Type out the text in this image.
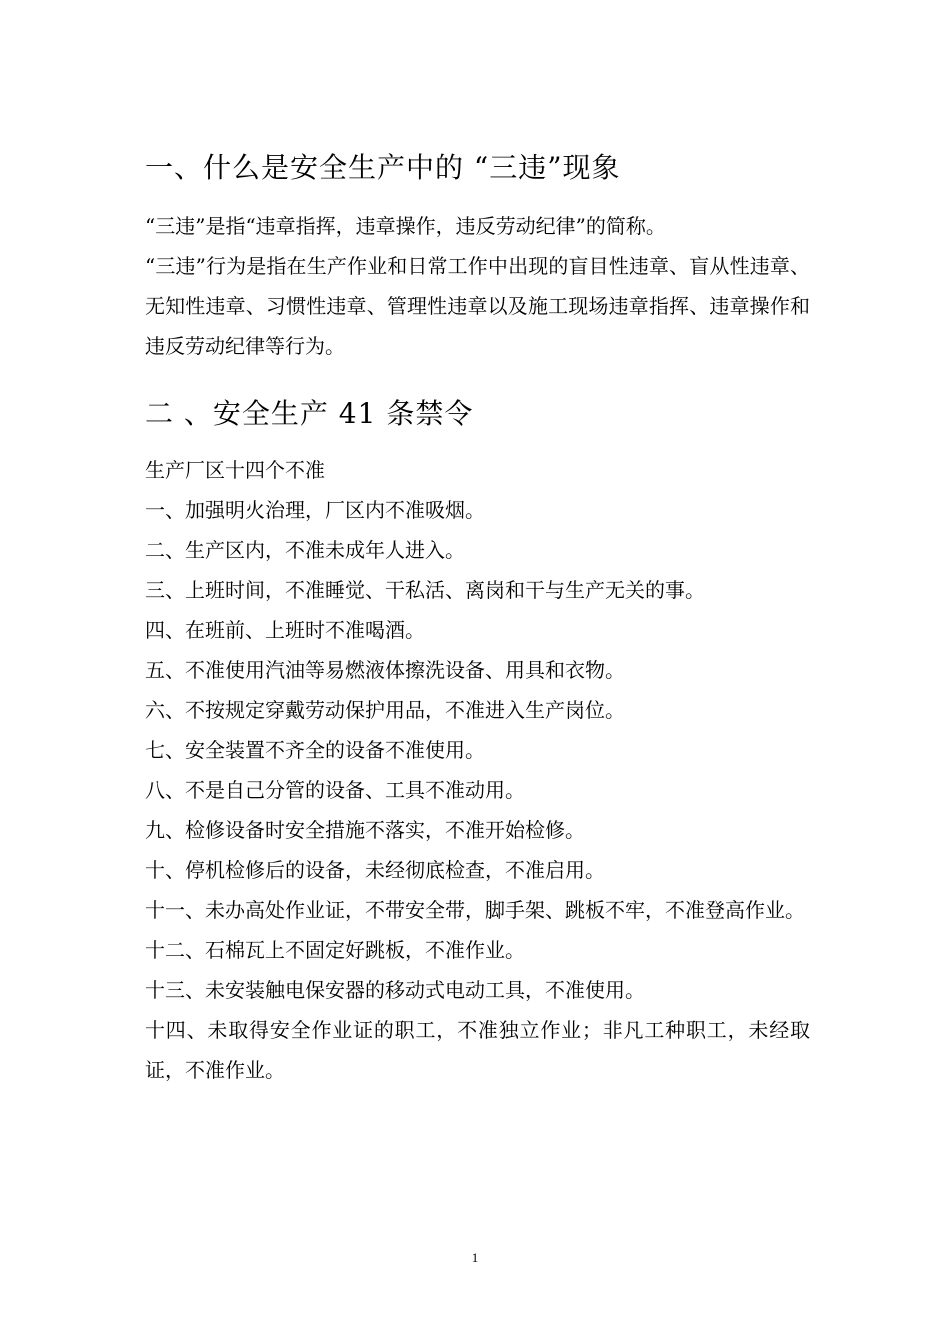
一、什么是安全生产中的 “三违”现象

“三违”是指“违章指挥，违章操作，违反劳动纪律”的简称。

“三违”行为是指在生产作业和日常工作中出现的盲目性违章、盲从性违章、无知性违章、习惯性违章、管理性违章以及施工现场违章指挥、违章操作和违反劳动纪律等行为。

二 、安全生产 41 条禁令

生产厂区十四个不准

一、加强明火治理，厂区内不准吸烟。
二、生产区内，不准未成年人进入。
三、上班时间，不准睡觉、干私活、离岗和干与生产无关的事。
四、在班前、上班时不准喝酒。
五、不准使用汽油等易燃液体擦洗设备、用具和衣物。
六、不按规定穿戴劳动保护用品，不准进入生产岗位。
七、安全装置不齐全的设备不准使用。
八、不是自己分管的设备、工具不准动用。
九、检修设备时安全措施不落实，不准开始检修。
十、停机检修后的设备，未经彻底检查，不准启用。
十一、未办高处作业证，不带安全带，脚手架、跳板不牢，不准登高作业。
十二、石棉瓦上不固定好跳板，不准作业。
十三、未安装触电保安器的移动式电动工具，不准使用。
十四、未取得安全作业证的职工，不准独立作业；非凡工种职工，未经取证，不准作业。
1
